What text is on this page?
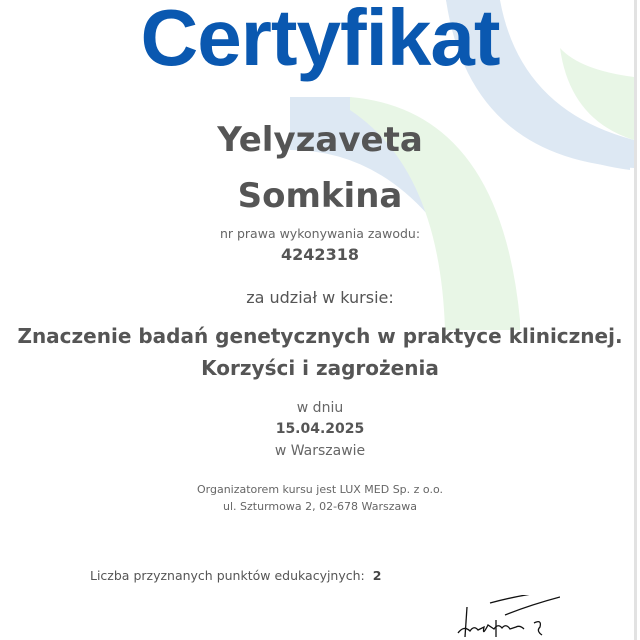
Certyfikat
Yelyzaveta
Somkina
nr prawa wykonywania zawodu:
4242318
za udział w kursie:
Znaczenie badań genetycznych w praktyce klinicznej.
Korzyści i zagrożenia
w dniu
15.04.2025
w Warszawie
Organizatorem kursu jest LUX MED Sp. z o.o.
ul. Szturmowa 2, 02-678 Warszawa
Liczba przyznanych punktów edukacyjnych: 2
